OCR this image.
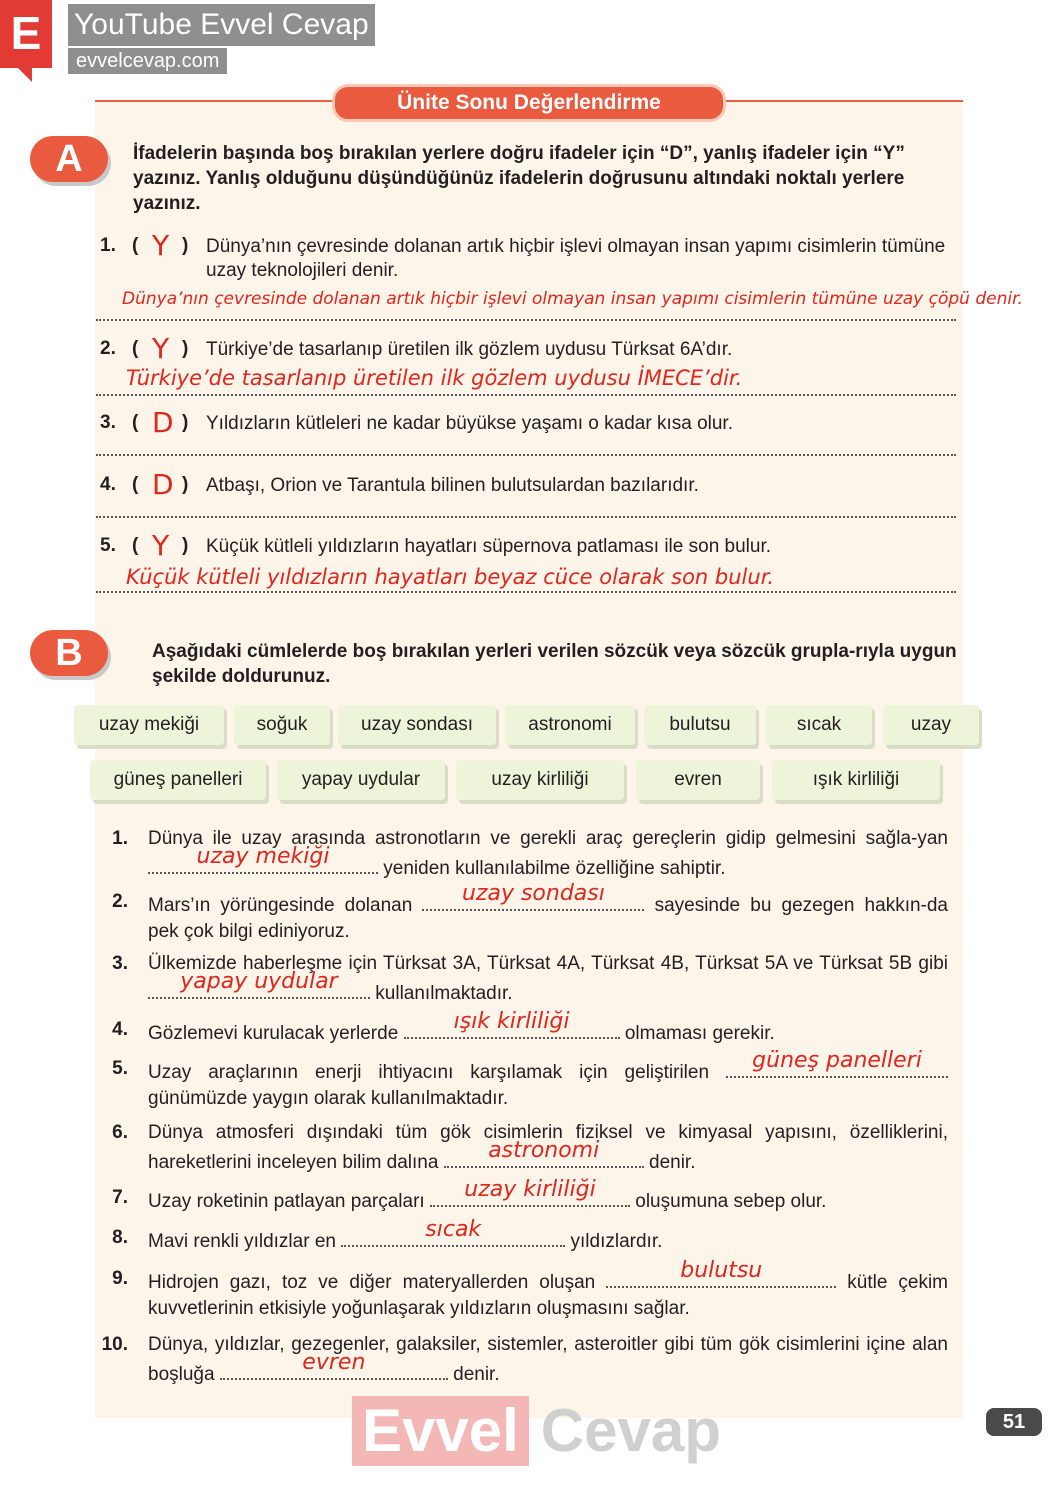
E	YouTube Evvel Cevap
evvelcevap.com
Ünite Sonu Değerlendirme
A	İfadelerin başında boş bırakılan yerlere doğru ifadeler için “D”, yanlış ifadeler için “Y” yazınız. Yanlış olduğunu düşündüğünüz ifadelerin doğrusunu altındaki noktalı yerlere yazınız.
1. ( Y ) Dünya’nın çevresinde dolanan artık hiçbir işlevi olmayan insan yapımı cisimlerin tümüne uzay teknolojileri denir.
Dünya’nın çevresinde dolanan artık hiçbir işlevi olmayan insan yapımı cisimlerin tümüne uzay çöpü denir.
2. ( Y ) Türkiye’de tasarlanıp üretilen ilk gözlem uydusu Türksat 6A’dır.
Türkiye’de tasarlanıp üretilen ilk gözlem uydusu İMECE’dir.
3. ( D ) Yıldızların kütleleri ne kadar büyükse yaşamı o kadar kısa olur.
4. ( D ) Atbaşı, Orion ve Tarantula bilinen bulutsulardan bazılarıdır.
5. ( Y ) Küçük kütleli yıldızların hayatları süpernova patlaması ile son bulur.
Küçük kütleli yıldızların hayatları beyaz cüce olarak son bulur.
B	Aşağıdaki cümlelerde boş bırakılan yerleri verilen sözcük veya sözcük grupla-rıyla uygun şekilde doldurunuz.
uzay mekiği	soğuk	uzay sondası	astronomi	bulutsu	sıcak	uzay
güneş panelleri	yapay uydular	uzay kirliliği	evren	ışık kirliliği
1. Dünya ile uzay arasında astronotların ve gerekli araç gereçlerin gidip gelmesini sağla-yan
uzay mekiği	yeniden kullanılabilme özelliğine sahiptir.
2. Mars’ın yörüngesinde dolanan uzay sondası	sayesinde bu gezegen hakkın-da pek çok bilgi ediniyoruz.
3. Ülkemizde haberleşme için Türksat 3A, Türksat 4A, Türksat 4B, Türksat 5A ve Türksat 5B gibi
yapay uydular kullanılmaktadır.
4. Gözlemevi kurulacak yerlerde	ışık kirliliği	olmaması gerekir.
5. Uzay araçlarının enerji ihtiyacını karşılamak için geliştirilen güneş panelleri
günümüzde yaygın olarak kullanılmaktadır.
6. Dünya atmosferi dışındaki tüm gök cisimlerin fiziksel ve kimyasal yapısını, özelliklerini, hareketlerini inceleyen bilim dalına astronomi	denir.
7. Uzay roketinin patlayan parçaları uzay kirliliği oluşumuna sebep olur.
8. Mavi renkli yıldızlar en	sıcak	yıldızlardır.
9. Hidrojen gazı, toz ve diğer materyallerden oluşan	bulutsu	kütle çekim kuvvetlerinin etkisiyle yoğunlaşarak yıldızların oluşmasını sağlar.
10. Dünya, yıldızlar, gezegenler, galaksiler, sistemler, asteroitler gibi tüm gök cisimlerini içine alan boşluğa	evren	denir.
Evvel Cevap	51
